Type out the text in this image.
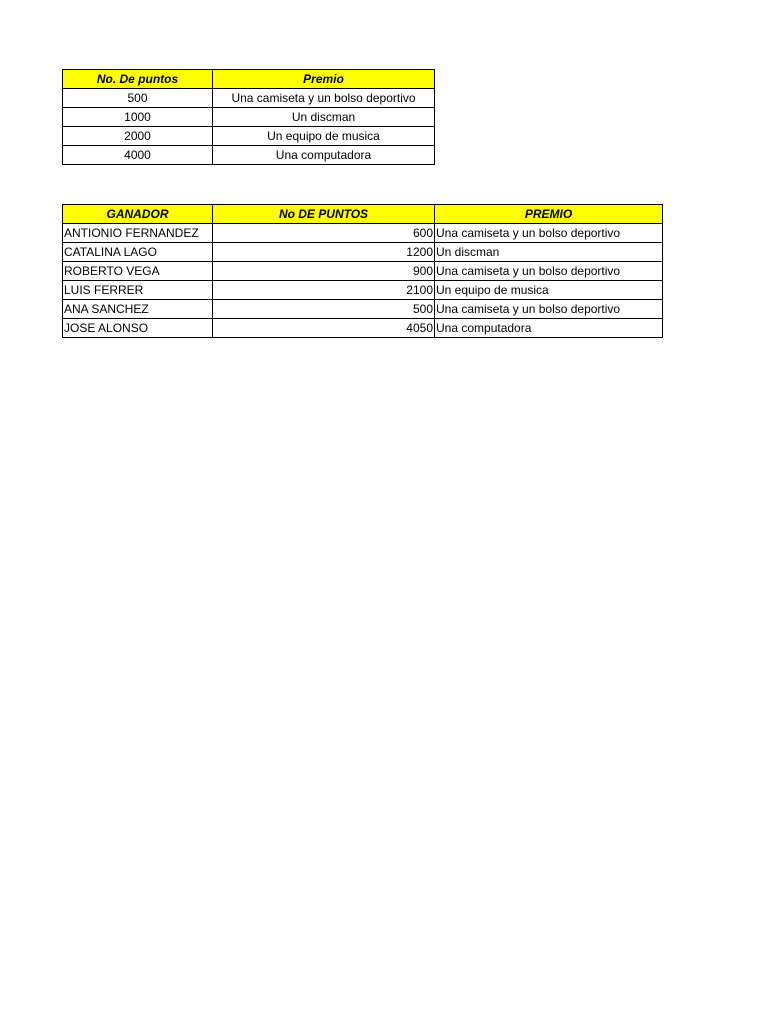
No. De puntos	Premio
500	Una camiseta y un bolso deportivo
1000	Un discman
2000	Un equipo de musica
4000	Una computadora
GANADOR	No DE PUNTOS	PREMIO
ANTIONIO FERNANDEZ	600	Una camiseta y un bolso deportivo
CATALINA LAGO	1200	Un discman
ROBERTO VEGA	900	Una camiseta y un bolso deportivo
LUIS FERRER	2100	Un equipo de musica
ANA SANCHEZ	500	Una camiseta y un bolso deportivo
JOSE ALONSO	4050	Una computadora
